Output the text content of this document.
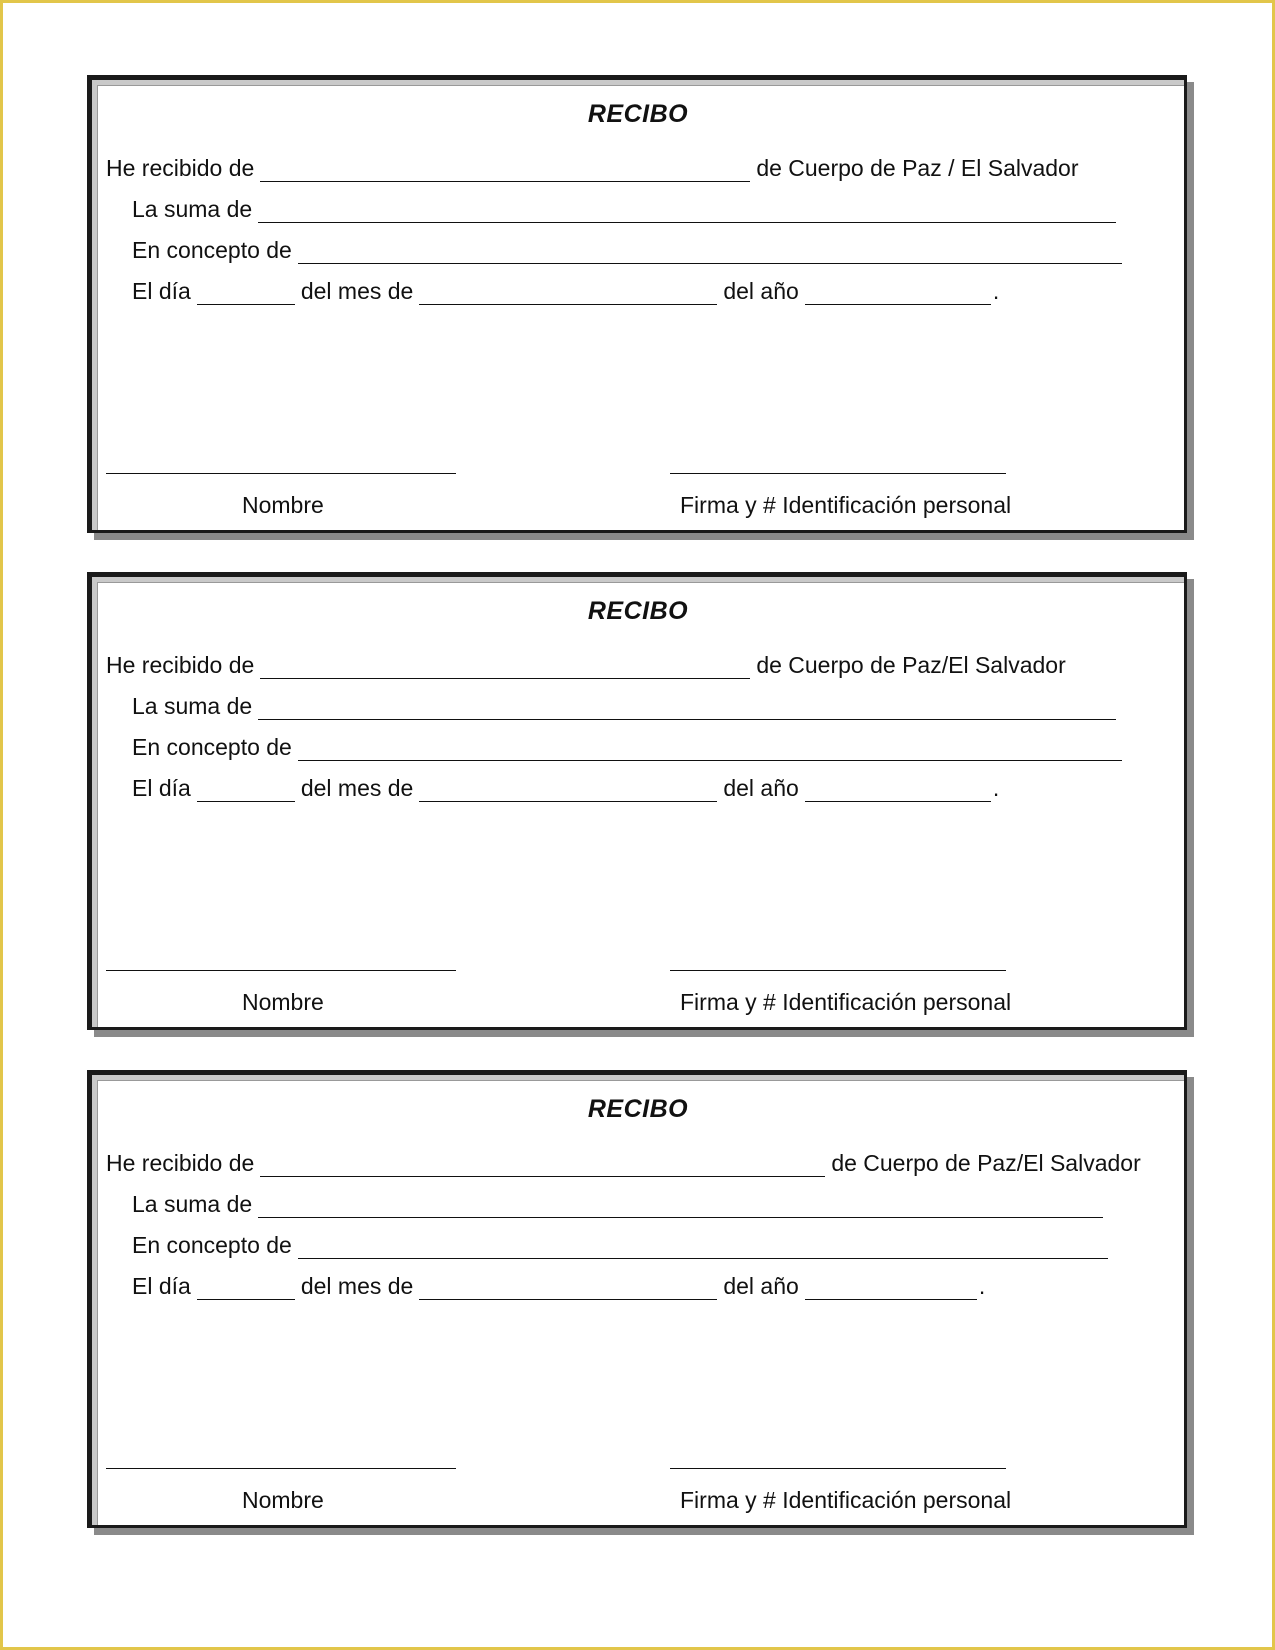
RECIBO
He recibido de	de Cuerpo de Paz / El Salvador
La suma de
En concepto de
El día	del mes de	del año	.
Nombre	Firma y # Identificación personal
RECIBO
He recibido de	de Cuerpo de Paz/El Salvador
La suma de
En concepto de
El día	del mes de	del año	.
Nombre	Firma y # Identificación personal
RECIBO
He recibido de	de Cuerpo de Paz/El Salvador
La suma de
En concepto de
El día	del mes de	del año	.
Nombre	Firma y # Identificación personal
